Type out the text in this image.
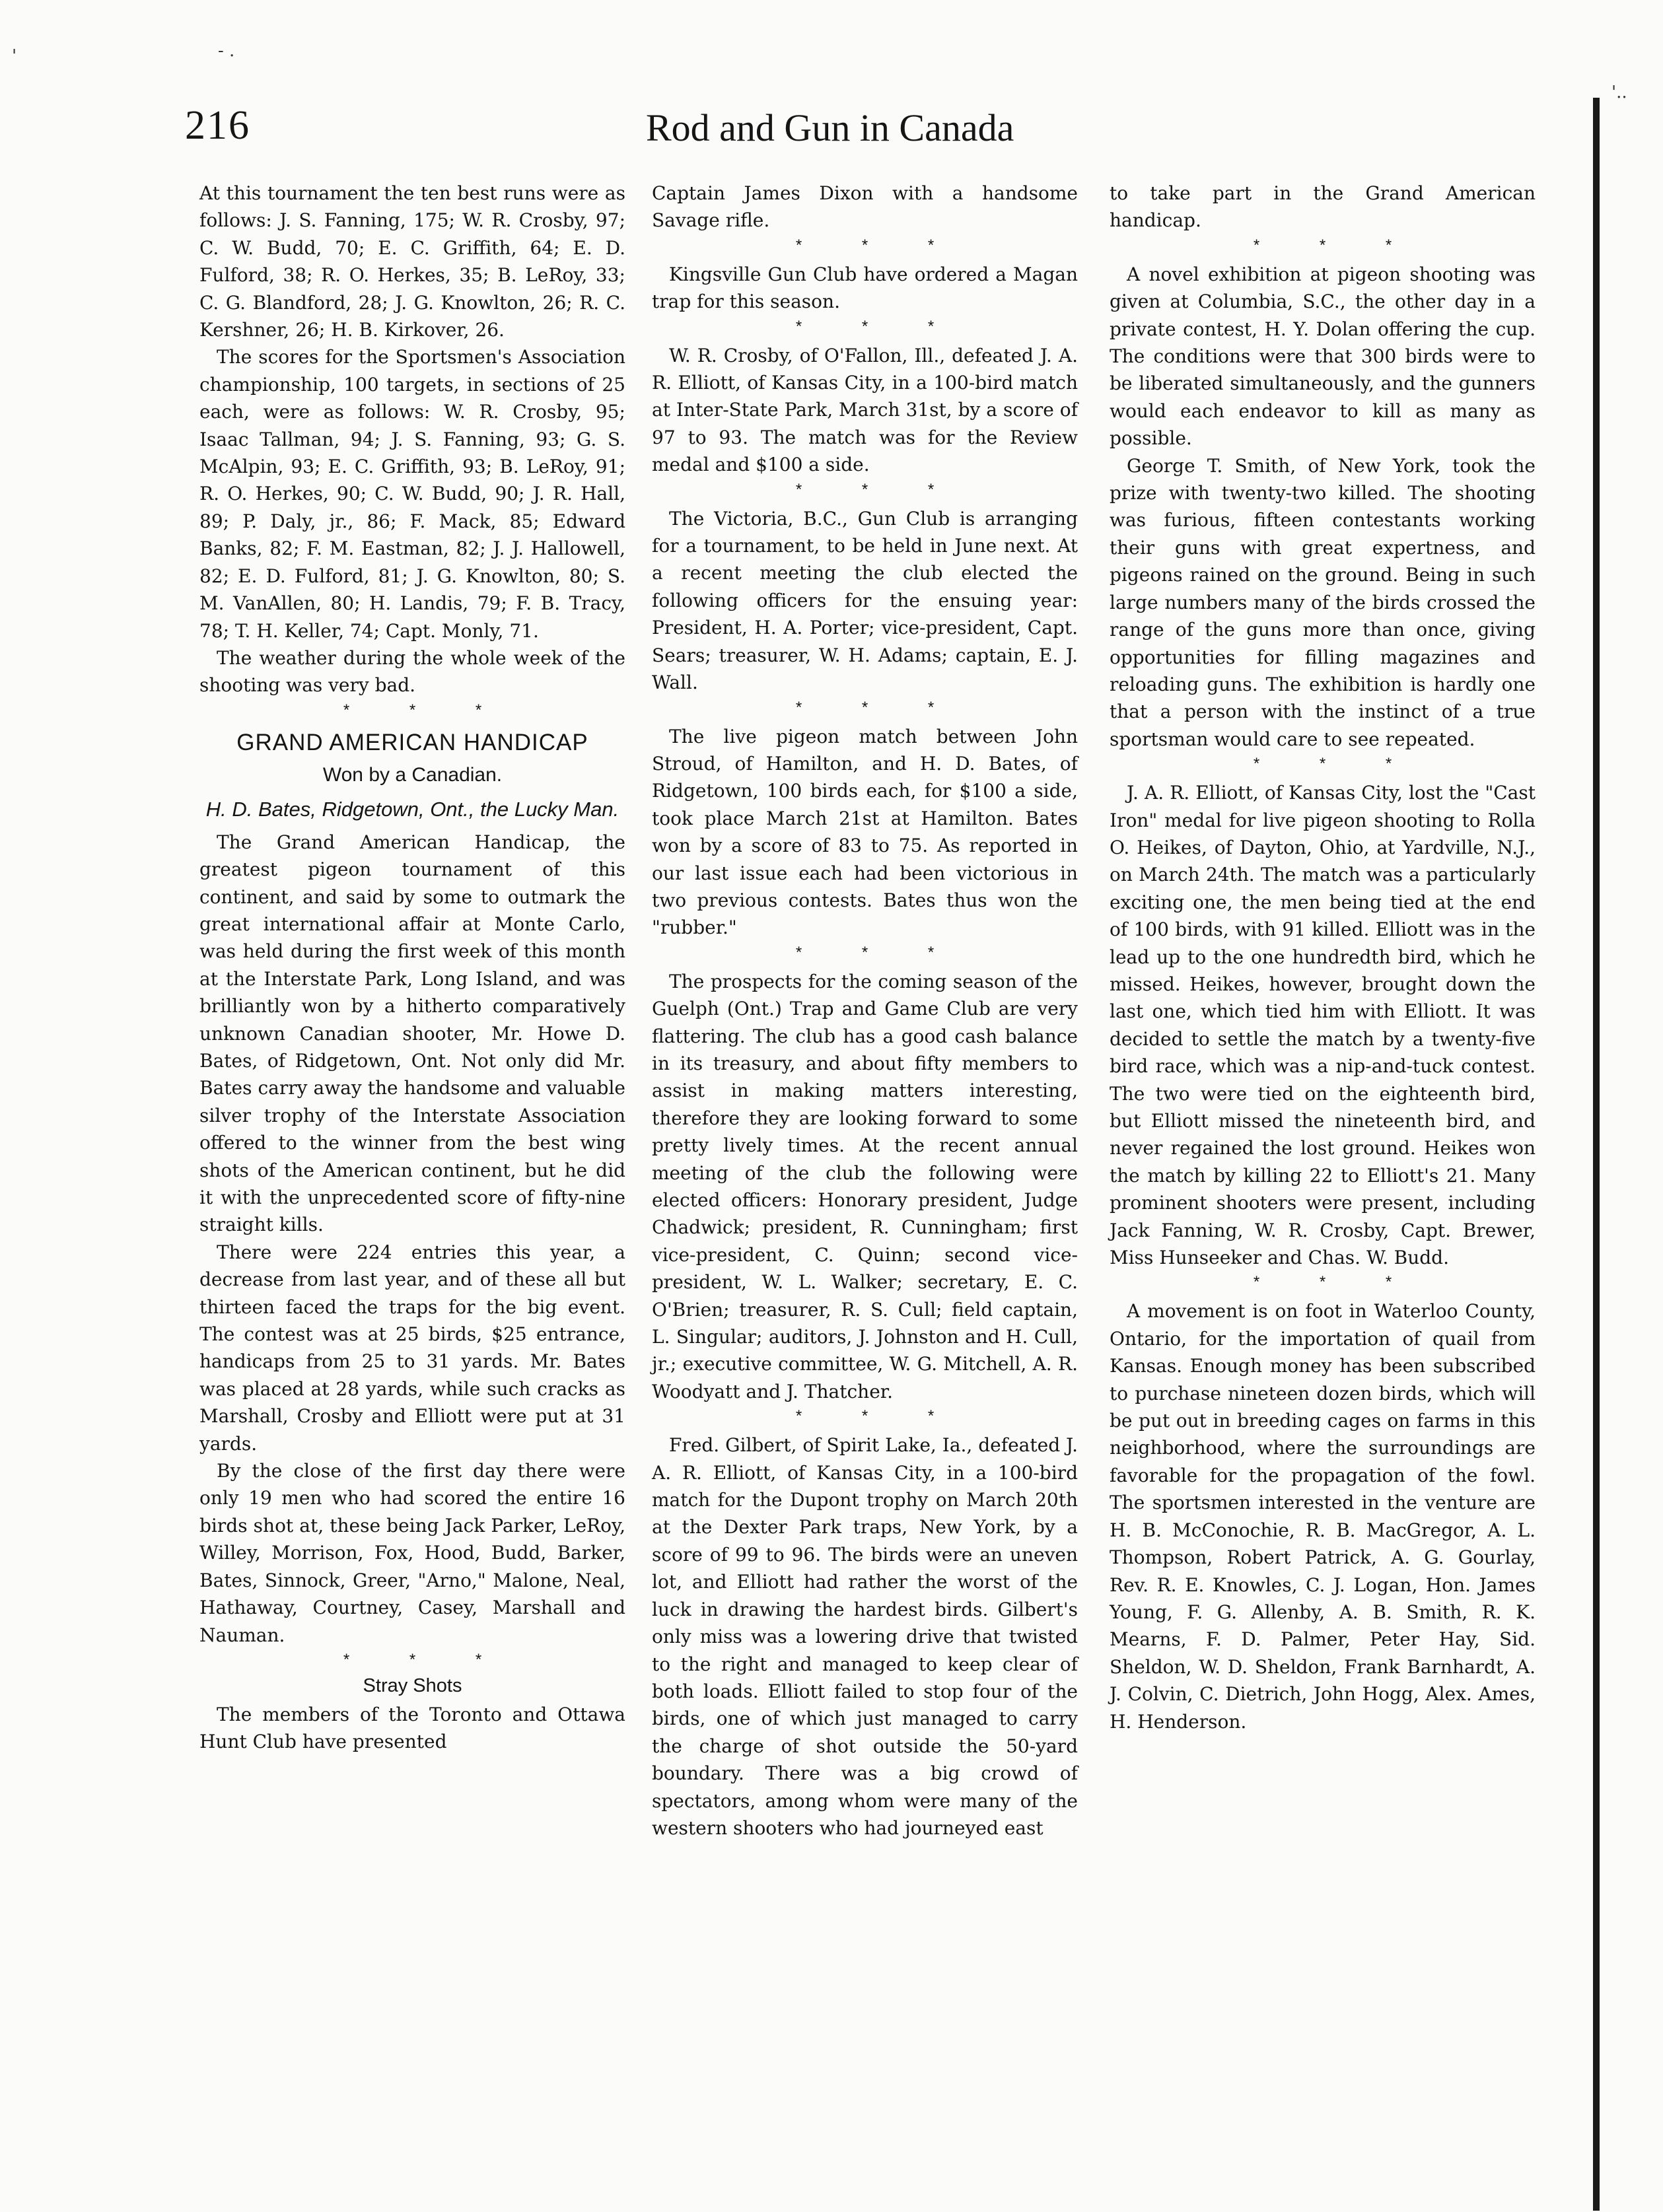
'	- .
'..
216	Rod and Gun in Canada

At this tournament the ten best runs were as follows: J. S. Fanning, 175; W. R. Crosby, 97; C. W. Budd, 70; E. C. Griffith, 64; E. D. Fulford, 38; R. O. Herkes, 35; B. LeRoy, 33; C. G. Blandford, 28; J. G. Knowlton, 26; R. C. Kershner, 26; H. B. Kirkover, 26.

The scores for the Sportsmen's Association championship, 100 targets, in sections of 25 each, were as follows: W. R. Crosby, 95; Isaac Tallman, 94; J. S. Fanning, 93; G. S. McAlpin, 93; E. C. Griffith, 93; B. LeRoy, 91; R. O. Herkes, 90; C. W. Budd, 90; J. R. Hall, 89; P. Daly, jr., 86; F. Mack, 85; Edward Banks, 82; F. M. Eastman, 82; J. J. Hallowell, 82; E. D. Fulford, 81; J. G. Knowlton, 80; S. M. VanAllen, 80; H. Landis, 79; F. B. Tracy, 78; T. H. Keller, 74; Capt. Monly, 71.

The weather during the whole week of the shooting was very bad.

* * *
GRAND AMERICAN HANDICAP
Won by a Canadian.
H. D. Bates, Ridgetown, Ont., the Lucky Man.

The Grand American Handicap, the greatest pigeon tournament of this continent, and said by some to outmark the great international affair at Monte Carlo, was held during the first week of this month at the Interstate Park, Long Island, and was brilliantly won by a hitherto comparatively unknown Canadian shooter, Mr. Howe D. Bates, of Ridgetown, Ont. Not only did Mr. Bates carry away the handsome and valuable silver trophy of the Interstate Association offered to the winner from the best wing shots of the American continent, but he did it with the unprecedented score of fifty-nine straight kills.

There were 224 entries this year, a decrease from last year, and of these all but thirteen faced the traps for the big event. The contest was at 25 birds, $25 entrance, handicaps from 25 to 31 yards. Mr. Bates was placed at 28 yards, while such cracks as Marshall, Crosby and Elliott were put at 31 yards.

By the close of the first day there were only 19 men who had scored the entire 16 birds shot at, these being Jack Parker, LeRoy, Willey, Morrison, Fox, Hood, Budd, Barker, Bates, Sinnock, Greer, "Arno," Malone, Neal, Hathaway, Courtney, Casey, Marshall and Nauman.

* * *
Stray Shots

The members of the Toronto and Ottawa Hunt Club have presented

Captain James Dixon with a handsome Savage rifle.

* * *

Kingsville Gun Club have ordered a Magan trap for this season.

* * *

W. R. Crosby, of O'Fallon, Ill., defeated J. A. R. Elliott, of Kansas City, in a 100-bird match at Inter-State Park, March 31st, by a score of 97 to 93. The match was for the Review medal and $100 a side.

* * *

The Victoria, B.C., Gun Club is arranging for a tournament, to be held in June next. At a recent meeting the club elected the following officers for the ensuing year: President, H. A. Porter; vice-president, Capt. Sears; treasurer, W. H. Adams; captain, E. J. Wall.

* * *

The live pigeon match between John Stroud, of Hamilton, and H. D. Bates, of Ridgetown, 100 birds each, for $100 a side, took place March 21st at Hamilton. Bates won by a score of 83 to 75. As reported in our last issue each had been victorious in two previous contests. Bates thus won the "rubber."

* * *

The prospects for the coming season of the Guelph (Ont.) Trap and Game Club are very flattering. The club has a good cash balance in its treasury, and about fifty members to assist in making matters interesting, therefore they are looking forward to some pretty lively times. At the recent annual meeting of the club the following were elected officers: Honorary president, Judge Chadwick; president, R. Cunningham; first vice-president, C. Quinn; second vice-president, W. L. Walker; secretary, E. C. O'Brien; treasurer, R. S. Cull; field captain, L. Singular; auditors, J. Johnston and H. Cull, jr.; executive committee, W. G. Mitchell, A. R. Woodyatt and J. Thatcher.

* * *

Fred. Gilbert, of Spirit Lake, Ia., defeated J. A. R. Elliott, of Kansas City, in a 100-bird match for the Dupont trophy on March 20th at the Dexter Park traps, New York, by a score of 99 to 96. The birds were an uneven lot, and Elliott had rather the worst of the luck in drawing the hardest birds. Gilbert's only miss was a lowering drive that twisted to the right and managed to keep clear of both loads. Elliott failed to stop four of the birds, one of which just managed to carry the charge of shot outside the 50-yard boundary. There was a big crowd of spectators, among whom were many of the western shooters who had journeyed east

to take part in the Grand American handicap.

* * *

A novel exhibition at pigeon shooting was given at Columbia, S.C., the other day in a private contest, H. Y. Dolan offering the cup. The conditions were that 300 birds were to be liberated simultaneously, and the gunners would each endeavor to kill as many as possible.

George T. Smith, of New York, took the prize with twenty-two killed. The shooting was furious, fifteen contestants working their guns with great expertness, and pigeons rained on the ground. Being in such large numbers many of the birds crossed the range of the guns more than once, giving opportunities for filling magazines and reloading guns. The exhibition is hardly one that a person with the instinct of a true sportsman would care to see repeated.

* * *

J. A. R. Elliott, of Kansas City, lost the "Cast Iron" medal for live pigeon shooting to Rolla O. Heikes, of Dayton, Ohio, at Yardville, N.J., on March 24th. The match was a particularly exciting one, the men being tied at the end of 100 birds, with 91 killed. Elliott was in the lead up to the one hundredth bird, which he missed. Heikes, however, brought down the last one, which tied him with Elliott. It was decided to settle the match by a twenty-five bird race, which was a nip-and-tuck contest. The two were tied on the eighteenth bird, but Elliott missed the nineteenth bird, and never regained the lost ground. Heikes won the match by killing 22 to Elliott's 21. Many prominent shooters were present, including Jack Fanning, W. R. Crosby, Capt. Brewer, Miss Hunseeker and Chas. W. Budd.

* * *

A movement is on foot in Waterloo County, Ontario, for the importation of quail from Kansas. Enough money has been subscribed to purchase nineteen dozen birds, which will be put out in breeding cages on farms in this neighborhood, where the surroundings are favorable for the propagation of the fowl. The sportsmen interested in the venture are H. B. McConochie, R. B. MacGregor, A. L. Thompson, Robert Patrick, A. G. Gourlay, Rev. R. E. Knowles, C. J. Logan, Hon. James Young, F. G. Allenby, A. B. Smith, R. K. Mearns, F. D. Palmer, Peter Hay, Sid. Sheldon, W. D. Sheldon, Frank Barnhardt, A. J. Colvin, C. Dietrich, John Hogg, Alex. Ames, H. Henderson.
